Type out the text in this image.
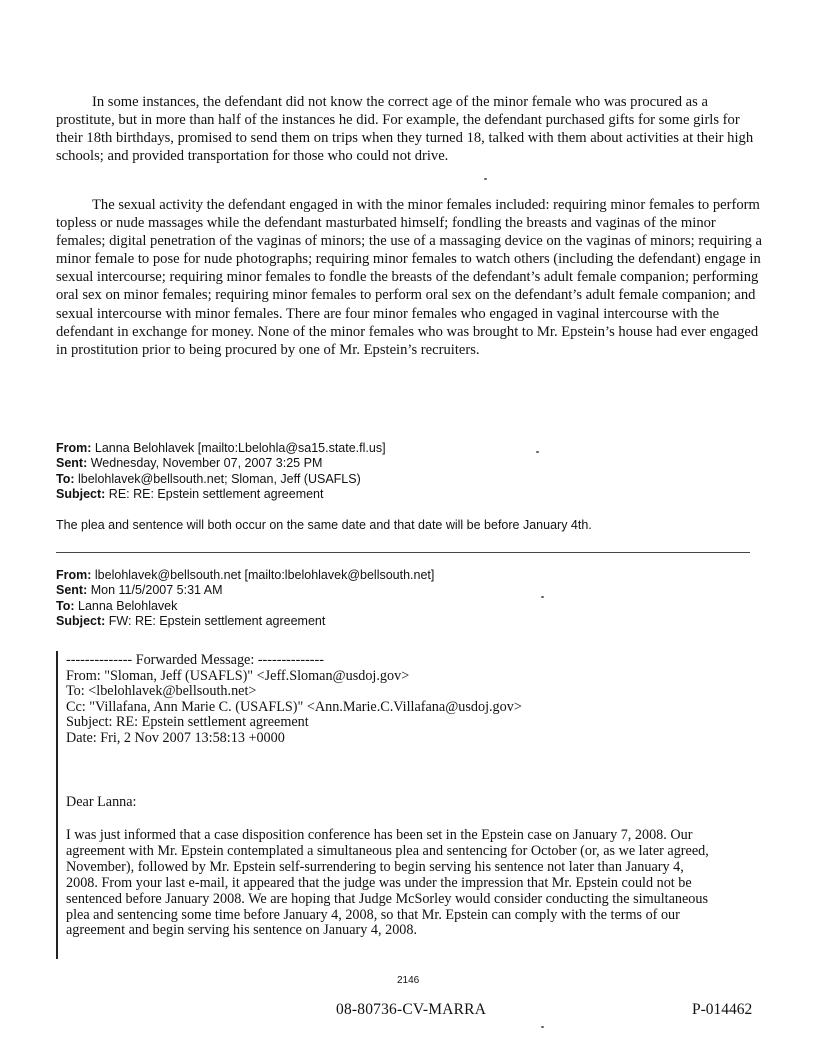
In some instances, the defendant did not know the correct age of the minor female who was procured as a prostitute, but in more than half of the instances he did. For example, the defendant purchased gifts for some girls for their 18th birthdays, promised to send them on trips when they turned 18, talked with them about activities at their high schools; and provided transportation for those who could not drive.

The sexual activity the defendant engaged in with the minor females included: requiring minor females to perform topless or nude massages while the defendant masturbated himself; fondling the breasts and vaginas of the minor females; digital penetration of the vaginas of minors; the use of a massaging device on the vaginas of minors; requiring a minor female to pose for nude photographs; requiring minor females to watch others (including the defendant) engage in sexual intercourse; requiring minor females to fondle the breasts of the defendant’s adult female companion; performing oral sex on minor females; requiring minor females to perform oral sex on the defendant’s adult female companion; and sexual intercourse with minor females. There are four minor females who engaged in vaginal intercourse with the defendant in exchange for money. None of the minor females who was brought to Mr. Epstein’s house had ever engaged in prostitution prior to being procured by one of Mr. Epstein’s recruiters.

From: Lanna Belohlavek [mailto:Lbelohla@sa15.state.fl.us]
Sent: Wednesday, November 07, 2007 3:25 PM
To: lbelohlavek@bellsouth.net; Sloman, Jeff (USAFLS)
Subject: RE: RE: Epstein settlement agreement
The plea and sentence will both occur on the same date and that date will be before January 4th.
From: lbelohlavek@bellsouth.net [mailto:lbelohlavek@bellsouth.net]
Sent: Mon 11/5/2007 5:31 AM
To: Lanna Belohlavek
Subject: FW: RE: Epstein settlement agreement
-------------- Forwarded Message: --------------
From: "Sloman, Jeff (USAFLS)" <Jeff.Sloman@usdoj.gov>
To: <lbelohlavek@bellsouth.net>
Cc: "Villafana, Ann Marie C. (USAFLS)" <Ann.Marie.C.Villafana@usdoj.gov>
Subject: RE: Epstein settlement agreement
Date: Fri, 2 Nov 2007 13:58:13 +0000
Dear Lanna:

I was just informed that a case disposition conference has been set in the Epstein case on January 7, 2008. Our agreement with Mr. Epstein contemplated a simultaneous plea and sentencing for October (or, as we later agreed, November), followed by Mr. Epstein self-surrendering to begin serving his sentence not later than January 4, 2008. From your last e-mail, it appeared that the judge was under the impression that Mr. Epstein could not be sentenced before January 2008. We are hoping that Judge McSorley would consider conducting the simultaneous plea and sentencing some time before January 4, 2008, so that Mr. Epstein can comply with the terms of our agreement and begin serving his sentence on January 4, 2008.

2146
08-80736-CV-MARRA	P-014462
